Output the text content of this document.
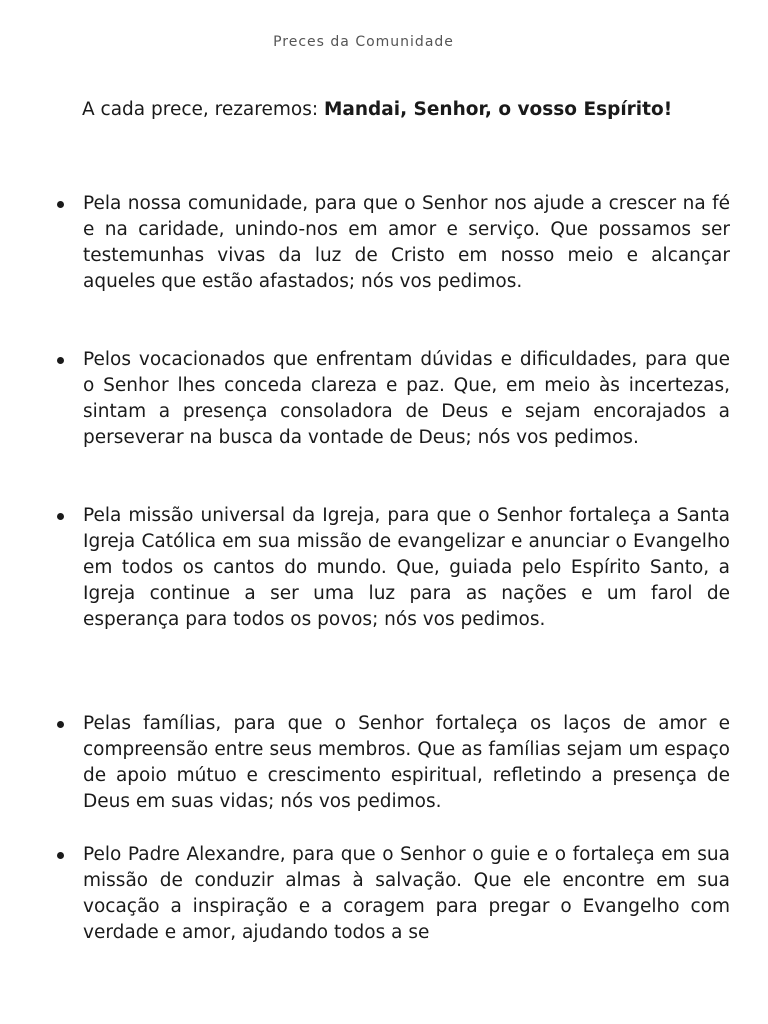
Preces da Comunidade
A cada prece, rezaremos: Mandai, Senhor, o vosso Espírito!
Pela nossa comunidade, para que o Senhor nos ajude a crescer na fé e na caridade, unindo-nos em amor e serviço. Que possamos ser testemunhas vivas da luz de Cristo em nosso meio e alcançar aqueles que estão afastados; nós vos pedimos.
Pelos vocacionados que enfrentam dúvidas e dificuldades, para que o Senhor lhes conceda clareza e paz. Que, em meio às incertezas, sintam a presença consoladora de Deus e sejam encorajados a perseverar na busca da vontade de Deus; nós vos pedimos.
Pela missão universal da Igreja, para que o Senhor fortaleça a Santa Igreja Católica em sua missão de evangelizar e anunciar o Evangelho em todos os cantos do mundo. Que, guiada pelo Espírito Santo, a Igreja continue a ser uma luz para as nações e um farol de esperança para todos os povos; nós vos pedimos.
Pelas famílias, para que o Senhor fortaleça os laços de amor e compreensão entre seus membros. Que as famílias sejam um espaço de apoio mútuo e crescimento espiritual, refletindo a presença de Deus em suas vidas; nós vos pedimos.
Pelo Padre Alexandre, para que o Senhor o guie e o fortaleça em sua missão de conduzir almas à salvação. Que ele encontre em sua vocação a inspiração e a coragem para pregar o Evangelho com verdade e amor, ajudando todos a se
